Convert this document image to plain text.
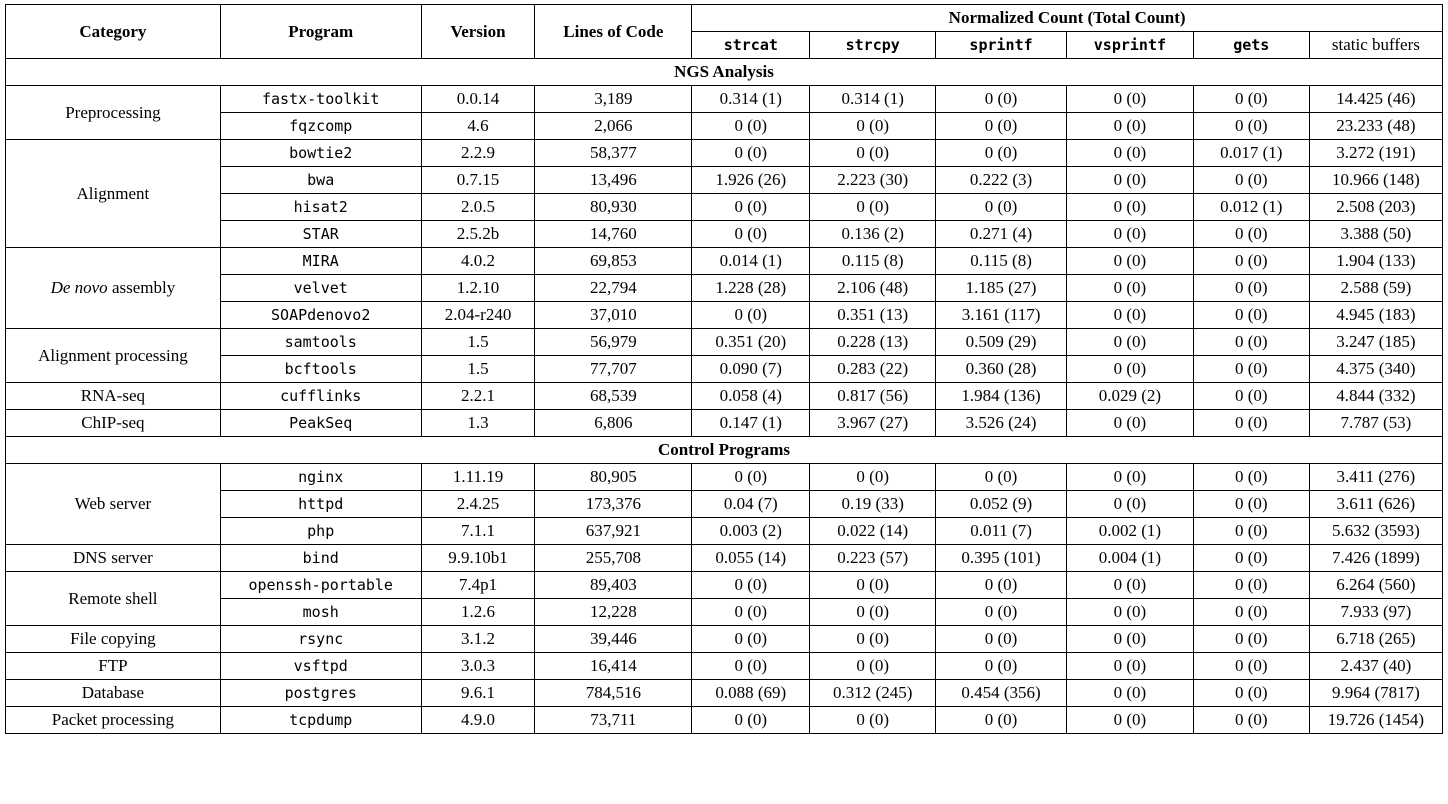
Category	Program	Version	Lines of Code	Normalized Count (Total Count)					
				strcat	strcpy	sprintf	vsprintf	gets	static buffers
NGS Analysis									
Preprocessing	fastx-toolkit	0.0.14	3,189	0.314 (1)	0.314 (1)	0 (0)	0 (0)	0 (0)	14.425 (46)
	fqzcomp	4.6	2,066	0 (0)	0 (0)	0 (0)	0 (0)	0 (0)	23.233 (48)
Alignment	bowtie2	2.2.9	58,377	0 (0)	0 (0)	0 (0)	0 (0)	0.017 (1)	3.272 (191)
	bwa	0.7.15	13,496	1.926 (26)	2.223 (30)	0.222 (3)	0 (0)	0 (0)	10.966 (148)
	hisat2	2.0.5	80,930	0 (0)	0 (0)	0 (0)	0 (0)	0.012 (1)	2.508 (203)
	STAR	2.5.2b	14,760	0 (0)	0.136 (2)	0.271 (4)	0 (0)	0 (0)	3.388 (50)
De novo assembly	MIRA	4.0.2	69,853	0.014 (1)	0.115 (8)	0.115 (8)	0 (0)	0 (0)	1.904 (133)
	velvet	1.2.10	22,794	1.228 (28)	2.106 (48)	1.185 (27)	0 (0)	0 (0)	2.588 (59)
	SOAPdenovo2	2.04-r240	37,010	0 (0)	0.351 (13)	3.161 (117)	0 (0)	0 (0)	4.945 (183)
Alignment processing	samtools	1.5	56,979	0.351 (20)	0.228 (13)	0.509 (29)	0 (0)	0 (0)	3.247 (185)
	bcftools	1.5	77,707	0.090 (7)	0.283 (22)	0.360 (28)	0 (0)	0 (0)	4.375 (340)
RNA-seq	cufflinks	2.2.1	68,539	0.058 (4)	0.817 (56)	1.984 (136)	0.029 (2)	0 (0)	4.844 (332)
ChIP-seq	PeakSeq	1.3	6,806	0.147 (1)	3.967 (27)	3.526 (24)	0 (0)	0 (0)	7.787 (53)
Control Programs									
Web server	nginx	1.11.19	80,905	0 (0)	0 (0)	0 (0)	0 (0)	0 (0)	3.411 (276)
	httpd	2.4.25	173,376	0.04 (7)	0.19 (33)	0.052 (9)	0 (0)	0 (0)	3.611 (626)
	php	7.1.1	637,921	0.003 (2)	0.022 (14)	0.011 (7)	0.002 (1)	0 (0)	5.632 (3593)
DNS server	bind	9.9.10b1	255,708	0.055 (14)	0.223 (57)	0.395 (101)	0.004 (1)	0 (0)	7.426 (1899)
Remote shell	openssh-portable	7.4p1	89,403	0 (0)	0 (0)	0 (0)	0 (0)	0 (0)	6.264 (560)
	mosh	1.2.6	12,228	0 (0)	0 (0)	0 (0)	0 (0)	0 (0)	7.933 (97)
File copying	rsync	3.1.2	39,446	0 (0)	0 (0)	0 (0)	0 (0)	0 (0)	6.718 (265)
FTP	vsftpd	3.0.3	16,414	0 (0)	0 (0)	0 (0)	0 (0)	0 (0)	2.437 (40)
Database	postgres	9.6.1	784,516	0.088 (69)	0.312 (245)	0.454 (356)	0 (0)	0 (0)	9.964 (7817)
Packet processing	tcpdump	4.9.0	73,711	0 (0)	0 (0)	0 (0)	0 (0)	0 (0)	19.726 (1454)
